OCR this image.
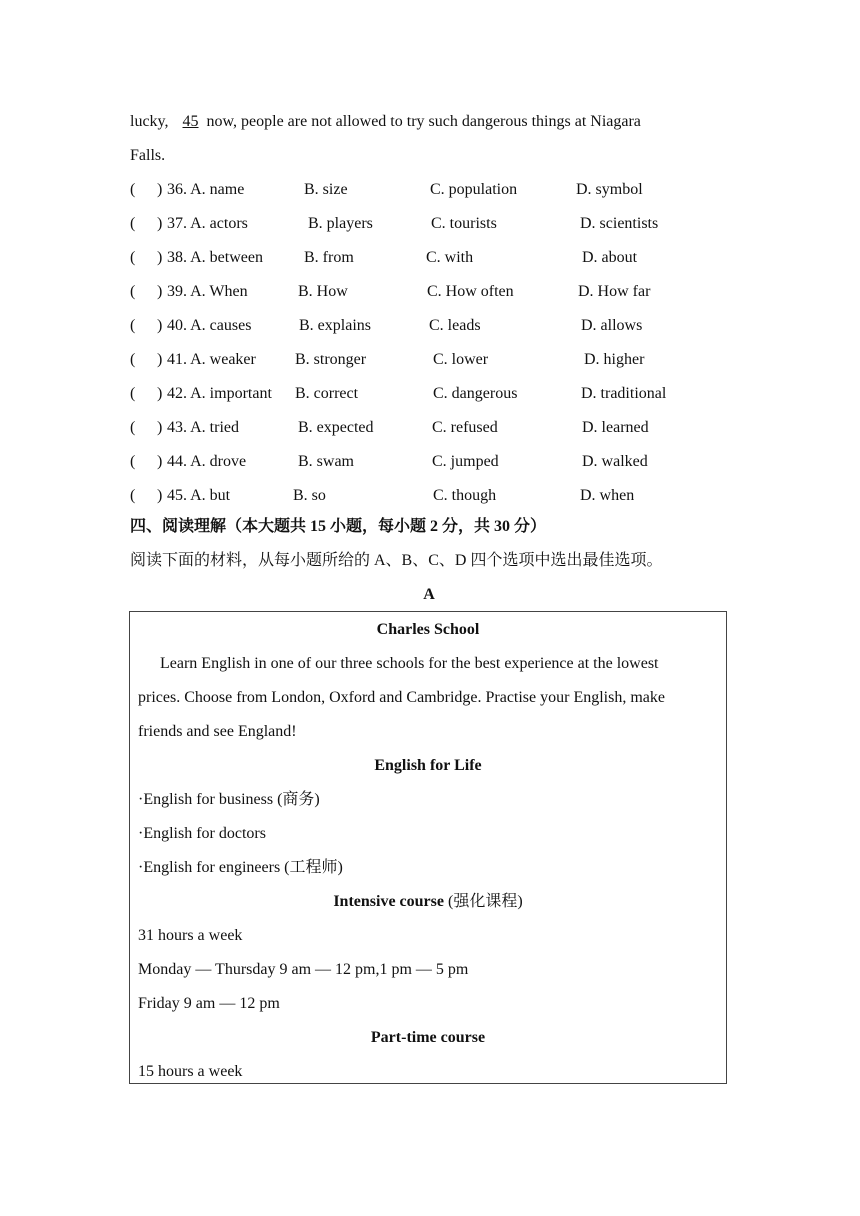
lucky, 45 now, people are not allowed to try such dangerous things at Niagara
Falls.
( ) 36. A. name	B. size	C. population	D. symbol
( ) 37. A. actors	B. players	C. tourists	D. scientists
( ) 38. A. between	B. from	C. with	D. about
( ) 39. A. When	B. How	C. How often	D. How far
( ) 40. A. causes	B. explains	C. leads	D. allows
( ) 41. A. weaker B. stronger	C. lower	D. higher
( ) 42. A. important B. correct	C. dangerous	D. traditional
( ) 43. A. tried	B. expected	C. refused	D. learned
( ) 44. A. drove	B. swam	C. jumped	D. walked
( ) 45. A. but	B. so	C. though	D. when
四、阅读理解（本大题共 15 小题，每小题 2 分，共 30 分）
阅读下面的材料，从每小题所给的 A、B、C、D 四个选项中选出最佳选项。
A
Charles School
Learn English in one of our three schools for the best experience at the lowest
prices. Choose from London, Oxford and Cambridge. Practise your English, make
friends and see England!
English for Life
·English for business (商务)
·English for doctors
·English for engineers (工程师)
Intensive course (强化课程)
31 hours a week
Monday — Thursday 9 am — 12 pm,1 pm — 5 pm
Friday 9 am — 12 pm
Part-time course
15 hours a week
